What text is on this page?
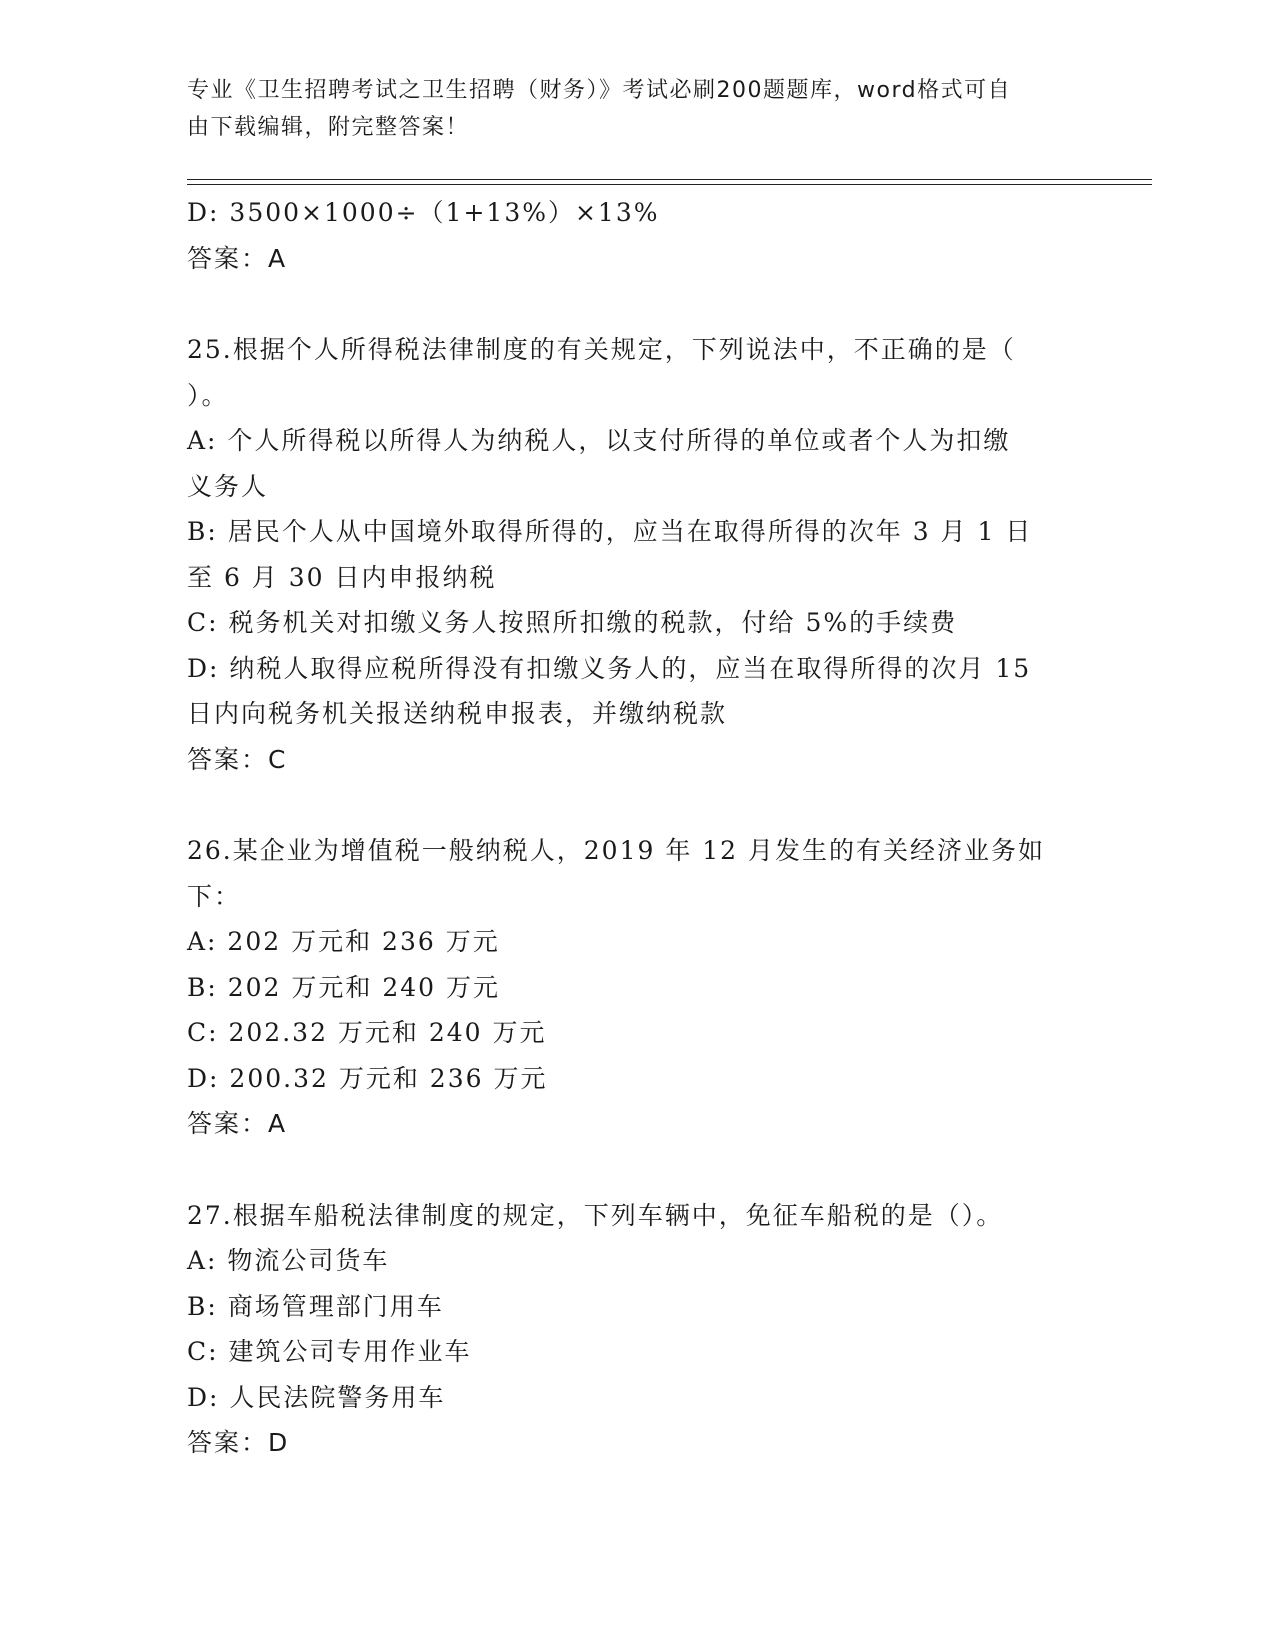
专业《卫生招聘考试之卫生招聘（财务）》考试必刷200题题库，word格式可自
由下载编辑，附完整答案！
D: 3500×1000÷（1+13%）×13%
答案：A
25.根据个人所得税法律制度的有关规定，下列说法中，不正确的是（
）。
A: 个人所得税以所得人为纳税人，以支付所得的单位或者个人为扣缴
义务人
B: 居民个人从中国境外取得所得的，应当在取得所得的次年 3 月 1 日
至 6 月 30 日内申报纳税
C: 税务机关对扣缴义务人按照所扣缴的税款，付给 5%的手续费
D: 纳税人取得应税所得没有扣缴义务人的，应当在取得所得的次月 15
日内向税务机关报送纳税申报表，并缴纳税款
答案：C
26.某企业为增值税一般纳税人，2019 年 12 月发生的有关经济业务如
下：
A: 202 万元和 236 万元
B: 202 万元和 240 万元
C: 202.32 万元和 240 万元
D: 200.32 万元和 236 万元
答案：A
27.根据车船税法律制度的规定，下列车辆中，免征车船税的是（）。
A: 物流公司货车
B: 商场管理部门用车
C: 建筑公司专用作业车
D: 人民法院警务用车
答案：D
